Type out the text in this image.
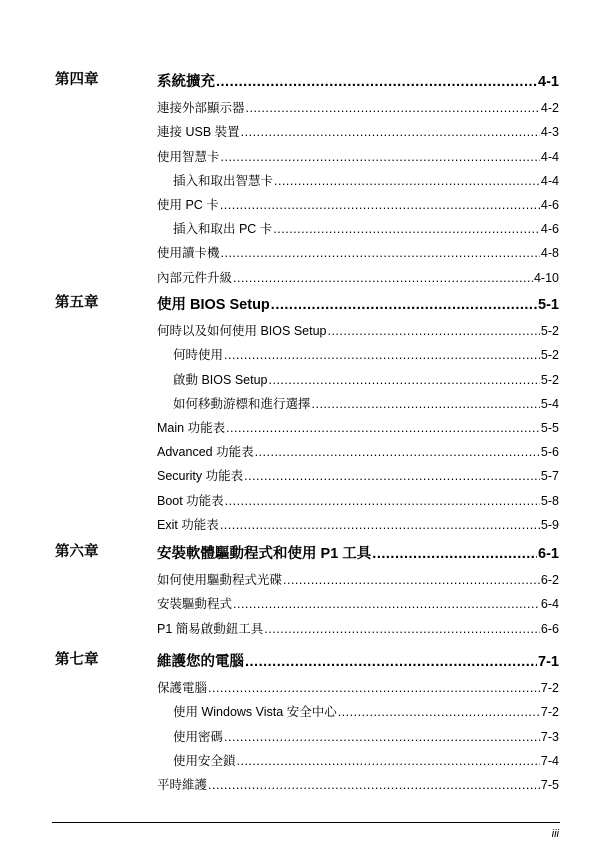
第四章	系統擴充 .....	4-1
連接外部顯示器 .....	4-2
連接 USB 裝置 .....	4-3
使用智慧卡 .....	4-4
插入和取出智慧卡 .....	4-4
使用 PC 卡 .....	4-6
插入和取出 PC 卡 .....	4-6
使用讀卡機 .....	4-8
內部元件升級 .....	4-10
第五章	使用 BIOS Setup .....	5-1
何時以及如何使用 BIOS Setup .....	5-2
何時使用 .....	5-2
啟動 BIOS Setup .....	5-2
如何移動游標和進行選擇 .....	5-4
Main 功能表 .....	5-5
Advanced 功能表 .....	5-6
Security 功能表 .....	5-7
Boot 功能表 .....	5-8
Exit 功能表 .....	5-9
第六章	安裝軟體驅動程式和使用 P1 工具 .....	6-1
如何使用驅動程式光碟 .....	6-2
安裝驅動程式 .....	6-4
P1 簡易啟動鈕工具 .....	6-6
第七章	維護您的電腦 .....	7-1
保護電腦 .....	7-2
使用 Windows Vista 安全中心 .....	7-2
使用密碼 .....	7-3
使用安全鎖 .....	7-4
平時維護 .....	7-5
iii
